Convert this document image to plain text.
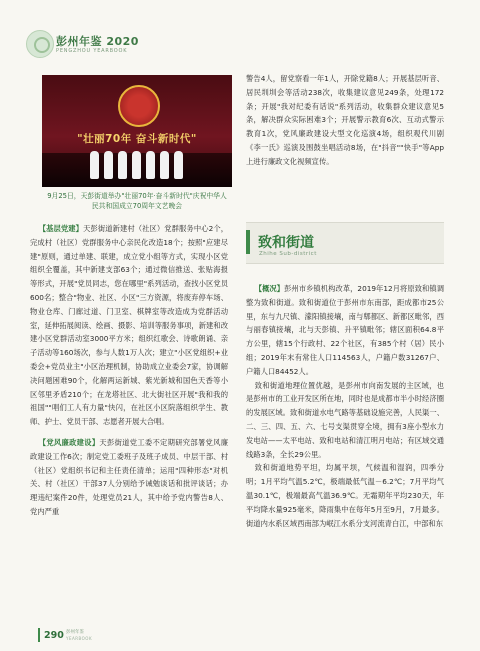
彭州年鉴 2020
PENGZHOU YEARBOOK
"壮丽70年 奋斗新时代"
9月25日，天彭街道举办"壮丽70年·奋斗新时代"庆祝中华人
民共和国成立70周年文艺晚会

【基层党建】天彭街道新建村（社区）党群服务中心2个，完成村（社区）党群服务中心亲民化改造18个；按照"应建尽建"原则，通过单建、联建，成立党小组等方式，实现小区党组织全覆盖，其中新建支部63个；通过微信推送、张贴海报等形式，开展"党员同志，您在哪里"系列活动，查找小区党员600名；整合"物业、社区、小区"三方资源，将废弃停车场、物业仓库、门廊过道、门卫室、棋牌室等改造成为党群活动室，延伸拓展阅读、绘画、摄影、培训等服务事项，新建和改建小区党群活动室3000平方米；组织红歌会、诗歌朗诵、亲子活动等160场次，参与人数1万人次；建立"小区党组织+业委会+党员业主"小区治理机制，协助成立业委会7家，协调解决问题困难90个，化解两运新城、紫光新城和国色天香等小区邻里矛盾210个；在龙塔社区、北大街社区开展"我和我的祖国""唱们工人有力量"快闪，在社区小区院落组织学生、教师、护士、党员干部、志愿者开展大合唱。

【党风廉政建设】天彭街道党工委不定期研究部署党风廉政建设工作6次；制定党工委班子及班子成员、中层干部、村（社区）党组织书记和主任责任清单；运用"四种形态"对机关、村（社区）干部37人分别给予诫勉谈话和批评谈话；办理违纪案件20件，处理党员21人，其中给予党内警告8人、党内严重

警告4人，留党察看一年1人，开除党籍8人；开展基层听音、居民圳圳会等活动238次，收集建议意见249条，处理172条；开展"我对纪委有话说"系列活动，收集群众建议意见5条，解决群众实际困难3个；开展警示教育6次、互动式警示教育1次，党风廉政建设大型文化巡演4场，组织观代川剧《李一氏》巡演及围鼓坐唱活动8场，在"抖音""快手"等App上进行廉政文化视频宣传。

致和街道
Zhihe Sub-district

【概况】彭州市乡镇机构改革，2019年12月将原致和镇调整为致和街道。致和街道位于彭州市东南部，距成都市25公里，东与九尺镇、濛阳镇接壤，南与郫都区、新都区毗邻，西与丽春镇接壤，北与天彭镇、升平镇毗邻；辖区面积64.8平方公里，辖15个行政村、22个社区，有385个村（居）民小组；2019年末有常住人口114563人，户籍户数31267户、户籍人口84452人。

致和街道地理位置优越，是彭州市向南发展的主区域，也是彭州市的工业开发区所在地，同时也是成都市半小时经济圈的发展区域。致和街道水电气路等基础设施完善，人民渠一、二、三、四、五、六、七号支渠贯穿全境，拥有3座小型水力发电站——太平电站、致和电站和清江明月电站；有区域交通线路3条，全长29公里。

致和街道地势平坦，均属平坝，气候温和湿润，四季分明；1月平均气温5.2℃，极端最低气温－6.2℃；7月平均气温30.1℃，极端最高气温36.9℃。无霜期年平均230天，年平均降水量925毫米，降雨集中在每年5月至9月，7月最多。街道内水系区域西南部为岷江水系分支河流青白江，中部和东

290 彭州年鉴
YEARBOOK
